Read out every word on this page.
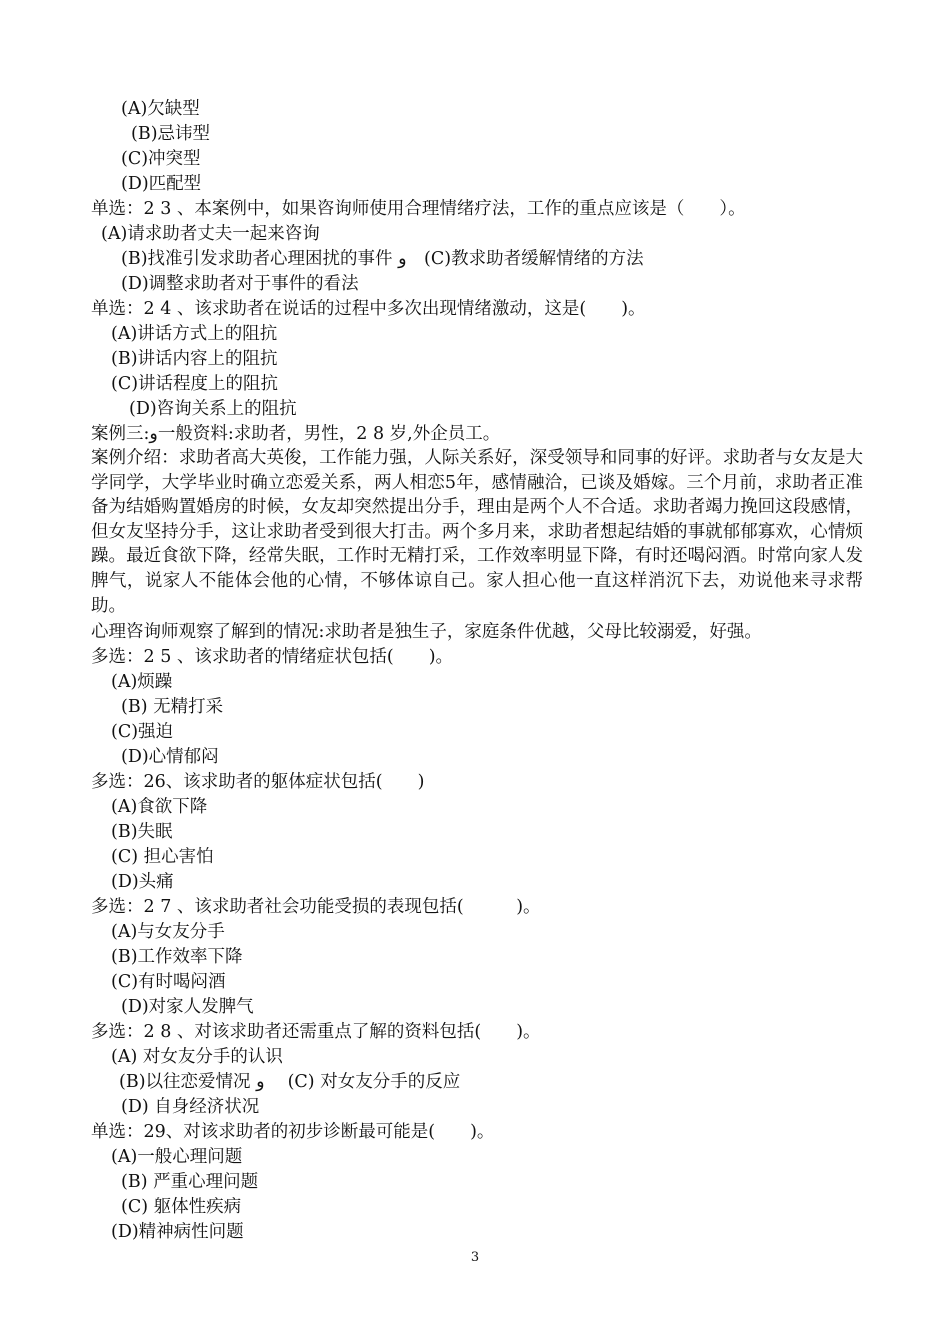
(A)欠缺型
(B)忌讳型
(C)冲突型
(D)匹配型
单选：2 3 、本案例中，如果咨询师使用合理情绪疗法，工作的重点应该是（　　）。
(A)请求助者丈夫一起来咨询
(B)找准引发求助者心理困扰的事件 و　(C)教求助者缓解情绪的方法
(D)调整求助者对于事件的看法
单选：2 4 、该求助者在说话的过程中多次出现情绪激动，这是(　　)。
(A)讲话方式上的阻抗
(B)讲话内容上的阻抗
(C)讲话程度上的阻抗
(D)咨询关系上的阻抗
案例三:و一般资料:求助者，男性，2 8 岁,外企员工。
案例介绍：求助者高大英俊，工作能力强，人际关系好，深受领导和同事的好评。求助者与女友是大学同学，大学毕业时确立恋爱关系，两人相恋5年，感情融洽，已谈及婚嫁。三个月前，求助者正准备为结婚购置婚房的时候，女友却突然提出分手，理由是两个人不合适。求助者竭力挽回这段感情，但女友坚持分手，这让求助者受到很大打击。两个多月来，求助者想起结婚的事就郁郁寡欢，心情烦躁。最近食欲下降，经常失眠，工作时无精打采，工作效率明显下降，有时还喝闷酒。时常向家人发脾气，说家人不能体会他的心情，不够体谅自己。家人担心他一直这样消沉下去，劝说他来寻求帮助。
心理咨询师观察了解到的情况:求助者是独生子，家庭条件优越，父母比较溺爱，好强。
多选：2 5 、该求助者的情绪症状包括(　　)。
(A)烦躁
(B) 无精打采
(C)强迫
(D)心情郁闷
多选：26、该求助者的躯体症状包括(　　)
(A)食欲下降
(B)失眠
(C) 担心害怕
(D)头痛
多选：2 7 、该求助者社会功能受损的表现包括(　　　)。
(A)与女友分手
(B)工作效率下降
(C)有时喝闷酒
(D)对家人发脾气
多选：2 8 、对该求助者还需重点了解的资料包括(　　)。
(A) 对女友分手的认识
(B)以往恋爱情况 و　 (C) 对女友分手的反应
(D) 自身经济状况
单选：29、对该求助者的初步诊断最可能是(　　)。
(A)一般心理问题
(B) 严重心理问题
(C) 躯体性疾病
(D)精神病性问题
3
